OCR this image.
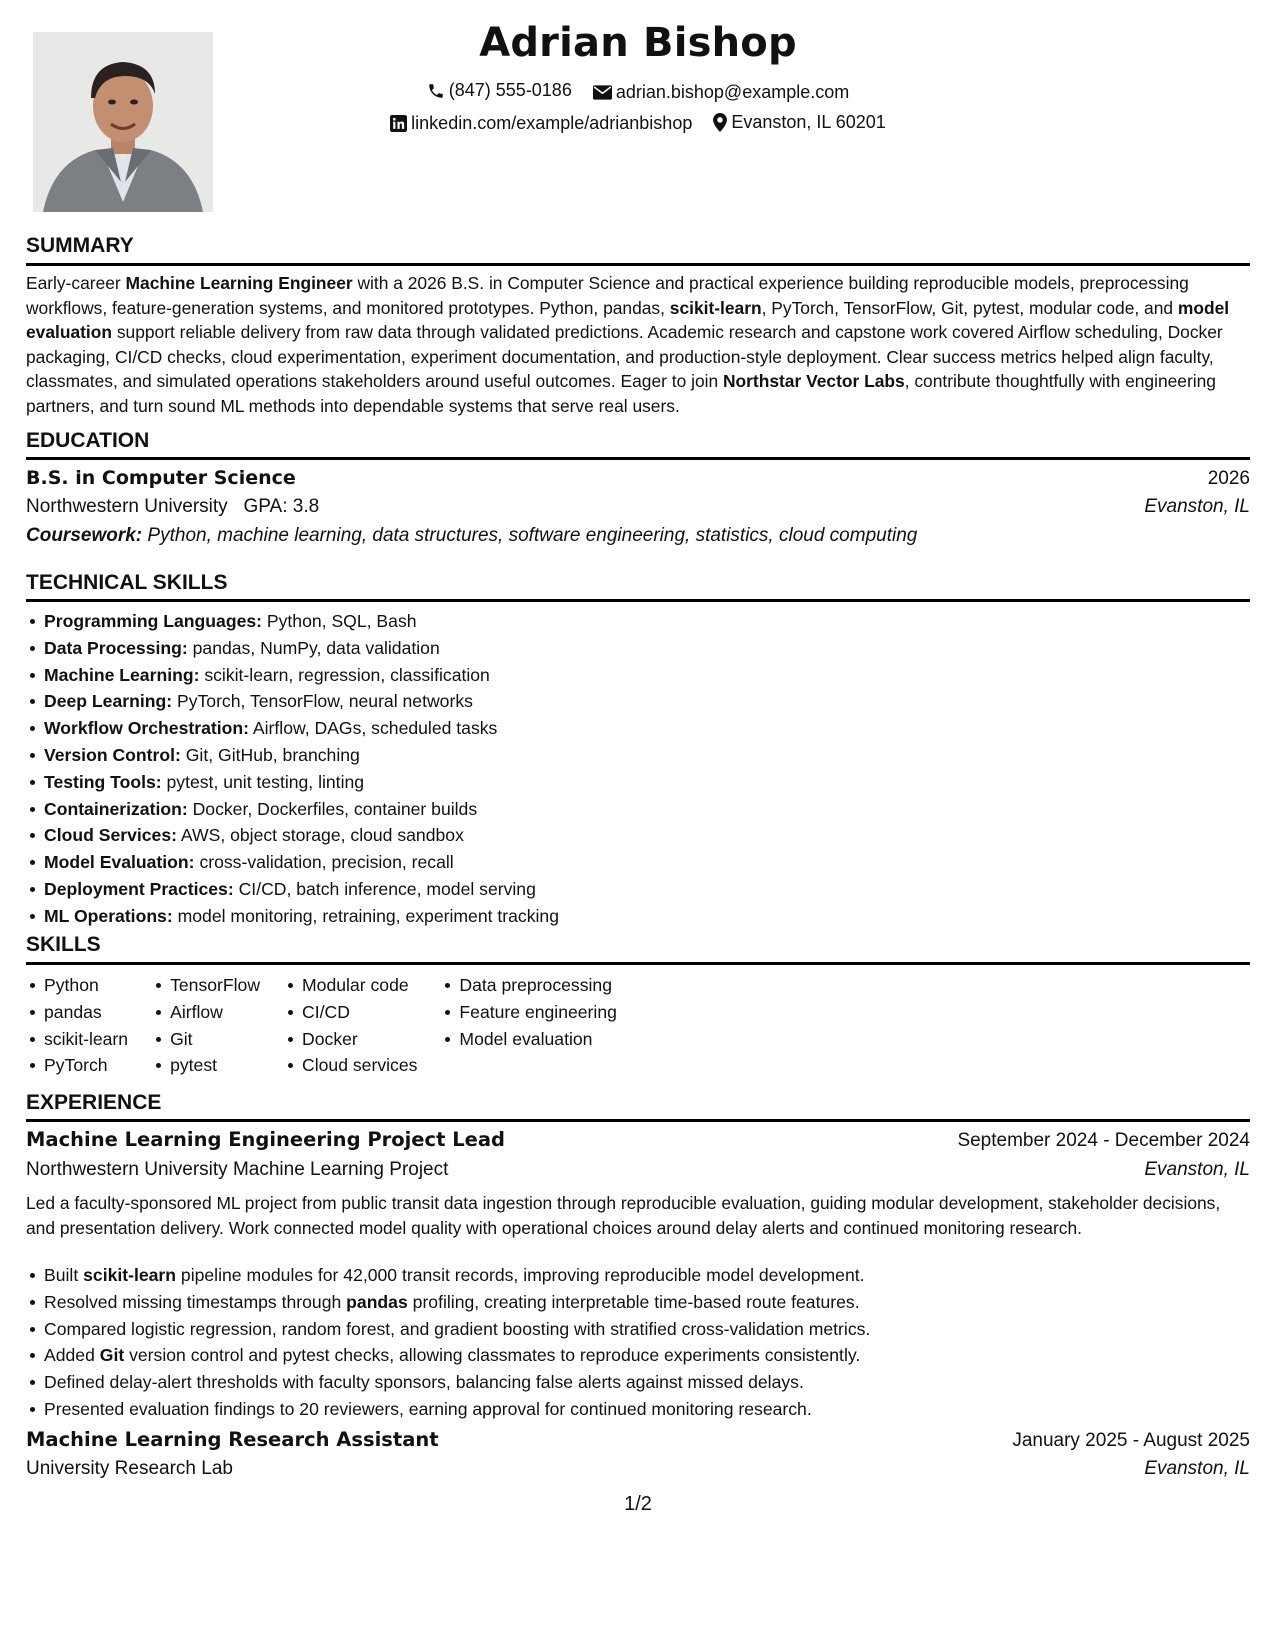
Adrian Bishop
(847) 555-0186
adrian.bishop@example.com
linkedin.com/example/adrianbishop
Evanston, IL 60201
SUMMARY
Early-career Machine Learning Engineer with a 2026 B.S. in Computer Science and practical experience building reproducible models, preprocessing workflows, feature-generation systems, and monitored prototypes. Python, pandas, scikit-learn, PyTorch, TensorFlow, Git, pytest, modular code, and model evaluation support reliable delivery from raw data through validated predictions. Academic research and capstone work covered Airflow scheduling, Docker packaging, CI/CD checks, cloud experimentation, experiment documentation, and production-style deployment. Clear success metrics helped align faculty, classmates, and simulated operations stakeholders around useful outcomes. Eager to join Northstar Vector Labs, contribute thoughtfully with engineering partners, and turn sound ML methods into dependable systems that serve real users.
EDUCATION
B.S. in Computer Science	2026
Northwestern University GPA: 3.8	Evanston, IL
Coursework: Python, machine learning, data structures, software engineering, statistics, cloud computing
TECHNICAL SKILLS
Programming Languages: Python, SQL, Bash
Data Processing: pandas, NumPy, data validation
Machine Learning: scikit-learn, regression, classification
Deep Learning: PyTorch, TensorFlow, neural networks
Workflow Orchestration: Airflow, DAGs, scheduled tasks
Version Control: Git, GitHub, branching
Testing Tools: pytest, unit testing, linting
Containerization: Docker, Dockerfiles, container builds
Cloud Services: AWS, object storage, cloud sandbox
Model Evaluation: cross-validation, precision, recall
Deployment Practices: CI/CD, batch inference, model serving
ML Operations: model monitoring, retraining, experiment tracking
SKILLS
Python
pandas
scikit-learn
PyTorch
TensorFlow
Airflow
Git
pytest
Modular code
CI/CD
Docker
Cloud services
Data preprocessing
Feature engineering
Model evaluation
EXPERIENCE
Machine Learning Engineering Project Lead	September 2024 - December 2024
Northwestern University Machine Learning Project	Evanston, IL
Led a faculty-sponsored ML project from public transit data ingestion through reproducible evaluation, guiding modular development, stakeholder decisions, and presentation delivery. Work connected model quality with operational choices around delay alerts and continued monitoring research.
Built scikit-learn pipeline modules for 42,000 transit records, improving reproducible model development.
Resolved missing timestamps through pandas profiling, creating interpretable time-based route features.
Compared logistic regression, random forest, and gradient boosting with stratified cross-validation metrics.
Added Git version control and pytest checks, allowing classmates to reproduce experiments consistently.
Defined delay-alert thresholds with faculty sponsors, balancing false alerts against missed delays.
Presented evaluation findings to 20 reviewers, earning approval for continued monitoring research.
Machine Learning Research Assistant	January 2025 - August 2025
University Research Lab	Evanston, IL
1/2
